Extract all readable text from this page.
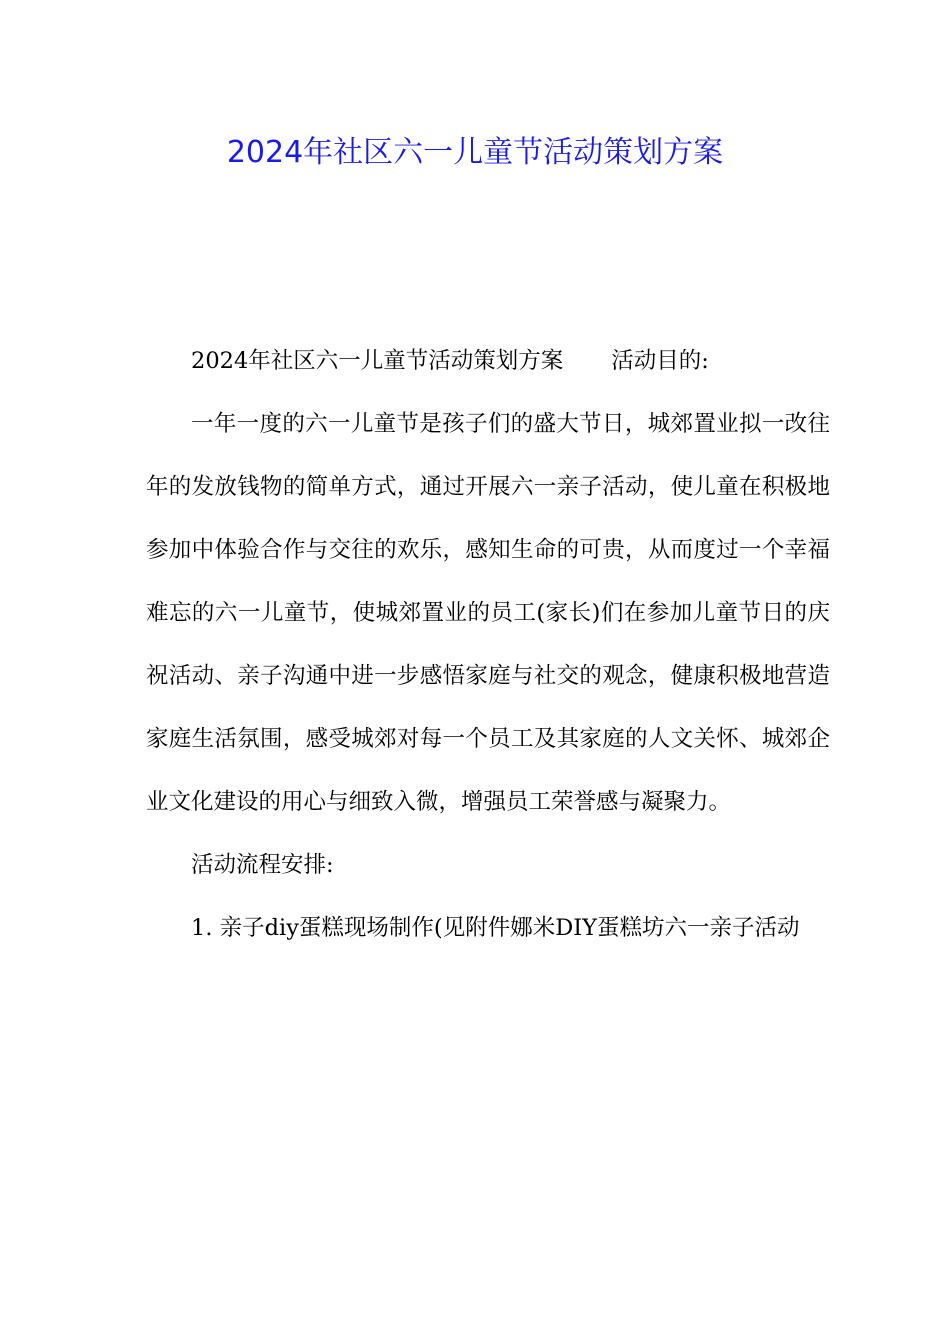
2024年社区六一儿童节活动策划方案

2024年社区六一儿童节活动策划方案 活动目的:

一年一度的六一儿童节是孩子们的盛大节日，城郊置业拟一改往年的发放钱物的简单方式，通过开展六一亲子活动，使儿童在积极地参加中体验合作与交往的欢乐，感知生命的可贵，从而度过一个幸福难忘的六一儿童节，使城郊置业的员工(家长)们在参加儿童节日的庆祝活动、亲子沟通中进一步感悟家庭与社交的观念，健康积极地营造家庭生活氛围，感受城郊对每一个员工及其家庭的人文关怀、城郊企业文化建设的用心与细致入微，增强员工荣誉感与凝聚力。

活动流程安排:

1. 亲子diy蛋糕现场制作(见附件娜米DIY蛋糕坊六一亲子活动
